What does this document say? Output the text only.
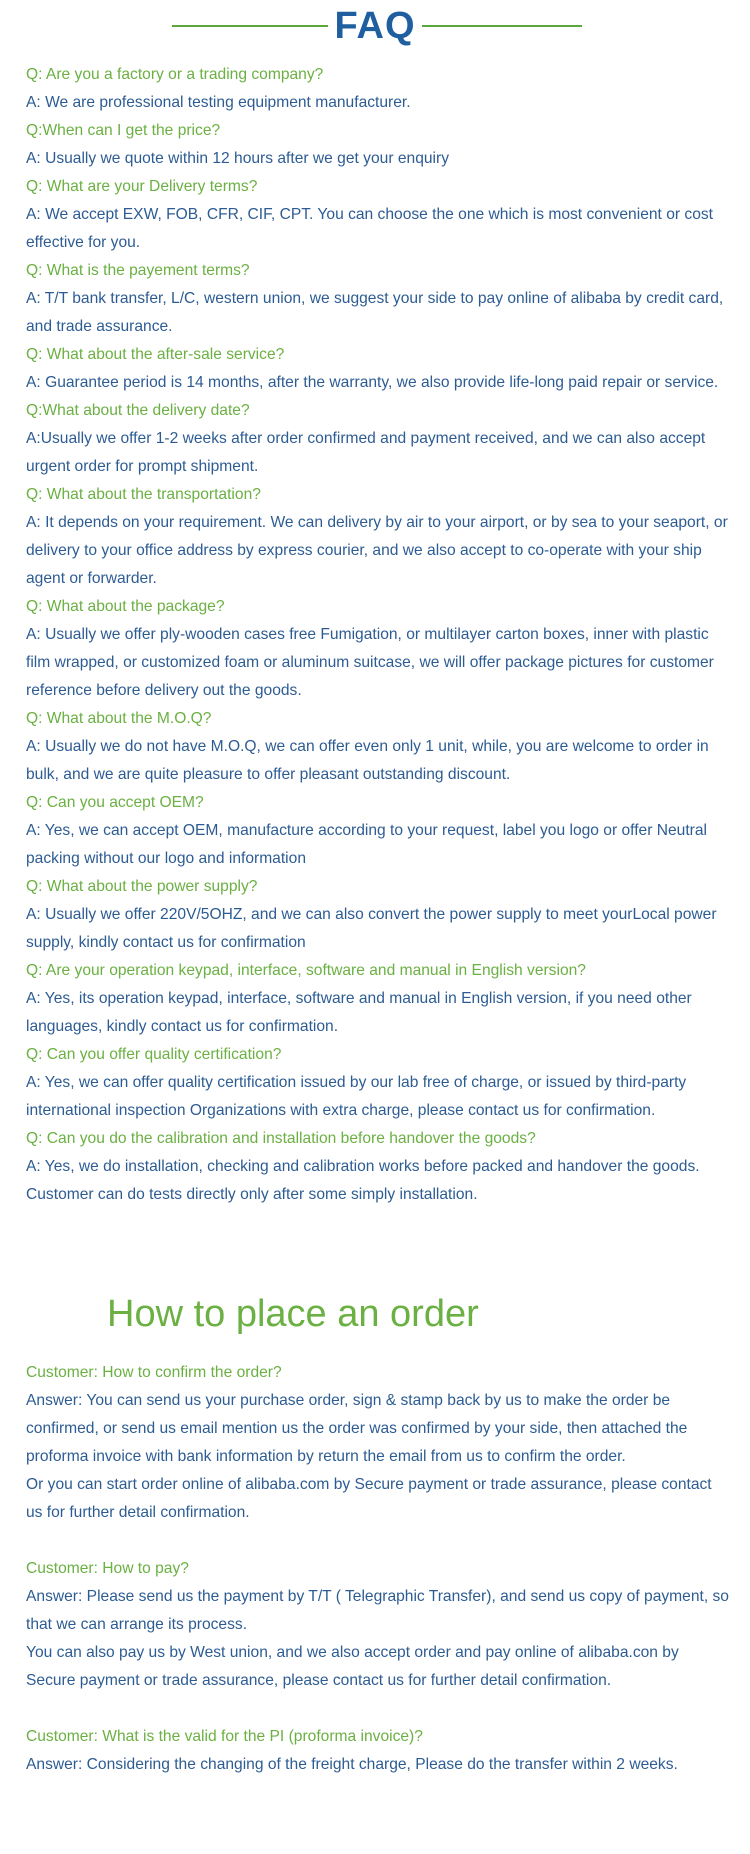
FAQ

Q: Are you a factory or a trading company?

A: We are professional testing equipment manufacturer.

Q:When can I get the price?

A: Usually we quote within 12 hours after we get your enquiry

Q: What are your Delivery terms?

A: We accept EXW, FOB, CFR, CIF, CPT. You can choose the one which is most convenient or cost effective for you.

Q: What is the payement terms?

A: T/T bank transfer, L/C, western union, we suggest your side to pay online of alibaba by credit card, and trade assurance.

Q: What about the after-sale service?

A: Guarantee period is 14 months, after the warranty, we also provide life-long paid repair or service.

Q:What about the delivery date?

A:Usually we offer 1-2 weeks after order confirmed and payment received, and we can also accept urgent order for prompt shipment.

Q: What about the transportation?

A: It depends on your requirement. We can delivery by air to your airport, or by sea to your seaport, or delivery to your office address by express courier, and we also accept to co-operate with your ship agent or forwarder.

Q: What about the package?

A: Usually we offer ply-wooden cases free Fumigation, or multilayer carton boxes, inner with plastic film wrapped, or customized foam or aluminum suitcase, we will offer package pictures for customer reference before delivery out the goods.

Q: What about the M.O.Q?

A: Usually we do not have M.O.Q, we can offer even only 1 unit, while, you are welcome to order in bulk, and we are quite pleasure to offer pleasant outstanding discount.

Q: Can you accept OEM?

A: Yes, we can accept OEM, manufacture according to your request, label you logo or offer Neutral packing without our logo and information

Q: What about the power supply?

A: Usually we offer 220V/5OHZ, and we can also convert the power supply to meet yourLocal power supply, kindly contact us for confirmation

Q: Are your operation keypad, interface, software and manual in English version?

A: Yes, its operation keypad, interface, software and manual in English version, if you need other languages, kindly contact us for confirmation.

Q: Can you offer quality certification?

A: Yes, we can offer quality certification issued by our lab free of charge, or issued by third-party international inspection Organizations with extra charge, please contact us for confirmation.

Q: Can you do the calibration and installation before handover the goods?

A: Yes, we do installation, checking and calibration works before packed and handover the goods. Customer can do tests directly only after some simply installation.

How to place an order

Customer: How to confirm the order?

Answer: You can send us your purchase order, sign & stamp back by us to make the order be confirmed, or send us email mention us the order was confirmed by your side, then attached the proforma invoice with bank information by return the email from us to confirm the order.

Or you can start order online of alibaba.com by Secure payment or trade assurance, please contact us for further detail confirmation.

Customer: How to pay?

Answer: Please send us the payment by T/T ( Telegraphic Transfer), and send us copy of payment, so that we can arrange its process.

You can also pay us by West union, and we also accept order and pay online of alibaba.con by Secure payment or trade assurance, please contact us for further detail confirmation.

Customer: What is the valid for the PI (proforma invoice)?

Answer: Considering the changing of the freight charge, Please do the transfer within 2 weeks.
